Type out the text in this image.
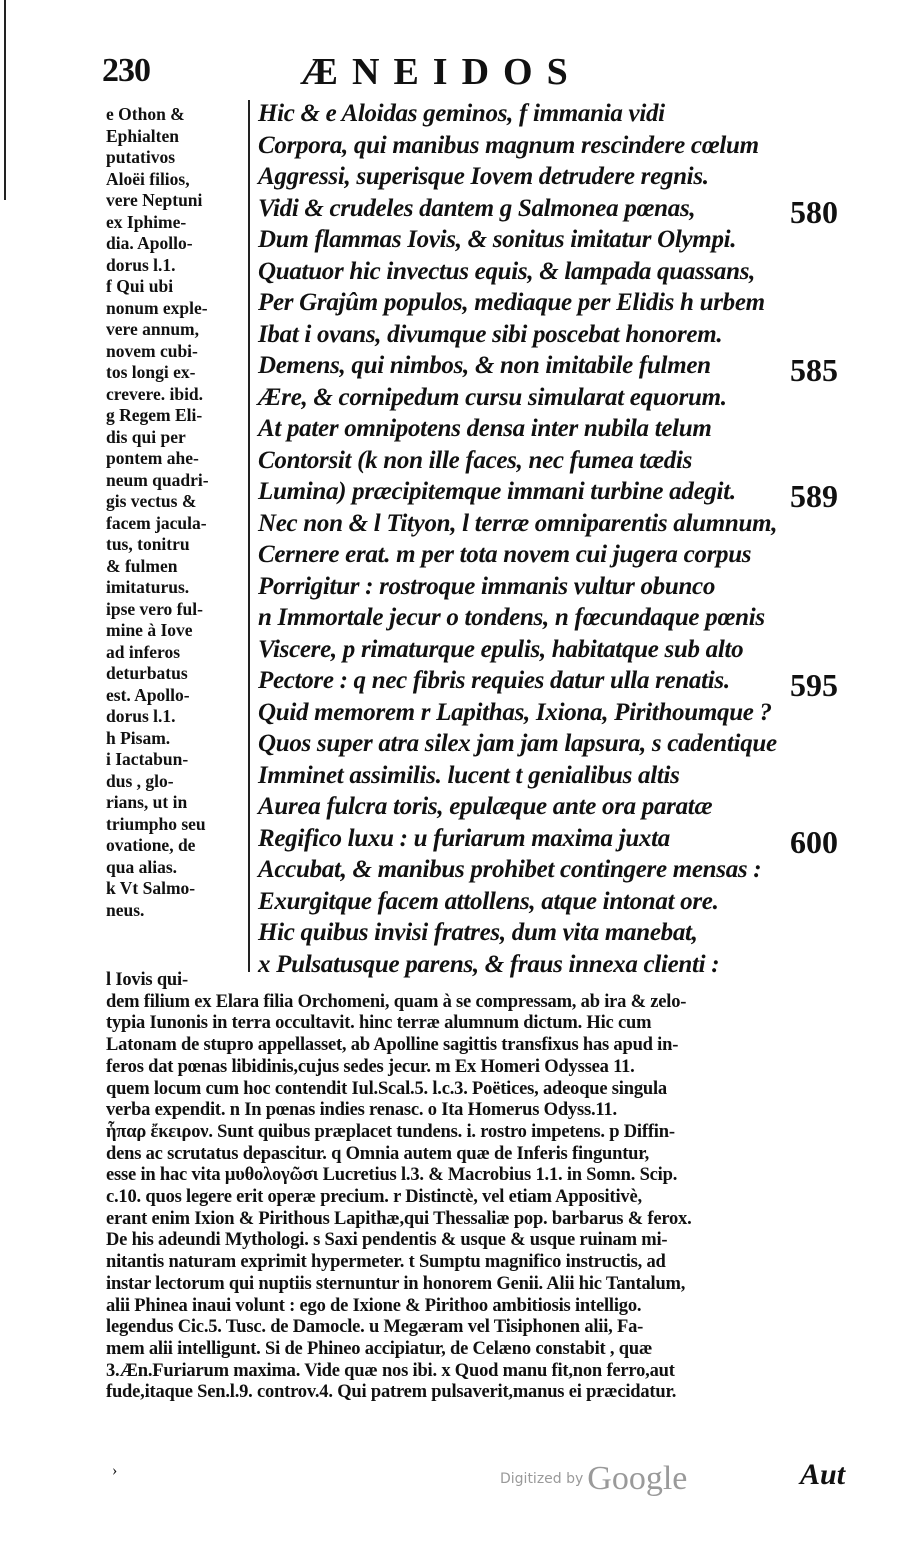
230	ÆNEIDOS
e Othon &
Ephialten
putativos
Aloëi filios,
vere Neptuni
ex Iphime-
dia. Apollo-
dorus l.1.
f Qui ubi
nonum exple-
vere annum,
novem cubi-
tos longi ex-
crevere. ibid.
g Regem Eli-
dis qui per
pontem ahe-
neum quadri-
gis vectus &
facem jacula-
tus, tonitru
& fulmen
imitaturus.
ipse vero ful-
mine à Iove
ad inferos
deturbatus
est. Apollo-
dorus l.1.
h Pisam.
i Iactabun-
dus , glo-
rians, ut in
triumpho seu
ovatione, de
qua alias.
k Vt Salmo-
neus.
Hic & e Aloidas geminos, f immania vidi
Corpora, qui manibus magnum rescindere cœlum
Aggressi, superisque Iovem detrudere regnis.
Vidi & crudeles dantem g Salmonea pœnas,
Dum flammas Iovis, & sonitus imitatur Olympi.
Quatuor hic invectus equis, & lampada quassans,
Per Grajûm populos, mediaque per Elidis h urbem
Ibat i ovans, divumque sibi poscebat honorem.
Demens, qui nimbos, & non imitabile fulmen
Ære, & cornipedum cursu simularat equorum.
At pater omnipotens densa inter nubila telum
Contorsit (k non ille faces, nec fumea tædis
Lumina) præcipitemque immani turbine adegit.
Nec non & l Tityon, l terræ omniparentis alumnum,
Cernere erat. m per tota novem cui jugera corpus
Porrigitur : rostroque immanis vultur obunco
n Immortale jecur o tondens, n fœcundaque pœnis
Viscere, p rimaturque epulis, habitatque sub alto
Pectore : q nec fibris requies datur ulla renatis.
Quid memorem r Lapithas, Ixiona, Pirithoumque ?
Quos super atra silex jam jam lapsura, s cadentique
Imminet assimilis. lucent t genialibus altis
Aurea fulcra toris, epulæque ante ora paratæ
Regifico luxu : u furiarum maxima juxta
Accubat, & manibus prohibet contingere mensas :
Exurgitque facem attollens, atque intonat ore.
Hic quibus invisi fratres, dum vita manebat,
x Pulsatusque parens, & fraus innexa clienti :
580
585
589
595
600
l Iovis qui-
dem filium ex Elara filia Orchomeni, quam à se compressam, ab ira & zelo-
typia Iunonis in terra occultavit. hinc terræ alumnum dictum. Hic cum
Latonam de stupro appellasset, ab Apolline sagittis transfixus has apud in-
feros dat pœnas libidinis,cujus sedes jecur. m Ex Homeri Odyssea 11.
quem locum cum hoc contendit Iul.Scal.5. l.c.3. Poëtices, adeoque singula
verba expendit. n In pœnas indies renasc. o Ita Homerus Odyss.11.
ἧπαρ ἔκειρον. Sunt quibus præplacet tundens. i. rostro impetens. p Diffin-
dens ac scrutatus depascitur. q Omnia autem quæ de Inferis finguntur,
esse in hac vita μυθολογῶσι Lucretius l.3. & Macrobius 1.1. in Somn. Scip.
c.10. quos legere erit operæ precium. r Distinctè, vel etiam Appositivè,
erant enim Ixion & Pirithous Lapithæ,qui Thessaliæ pop. barbarus & ferox.
De his adeundi Mythologi. s Saxi pendentis & usque & usque ruinam mi-
nitantis naturam exprimit hypermeter. t Sumptu magnifico instructis, ad
instar lectorum qui nuptiis sternuntur in honorem Genii. Alii hic Tantalum,
alii Phinea inaui volunt : ego de Ixione & Pirithoo ambitiosis intelligo.
legendus Cic.5. Tusc. de Damocle. u Megæram vel Tisiphonen alii, Fa-
mem alii intelligunt. Si de Phineo accipiatur, de Celæno constabit , quæ
3.Æn.Furiarum maxima. Vide quæ nos ibi. x Quod manu fit,non ferro,aut
fude,itaque Sen.l.9. controv.4. Qui patrem pulsaverit,manus ei præcidatur.
›	Digitized by Google	Aut
